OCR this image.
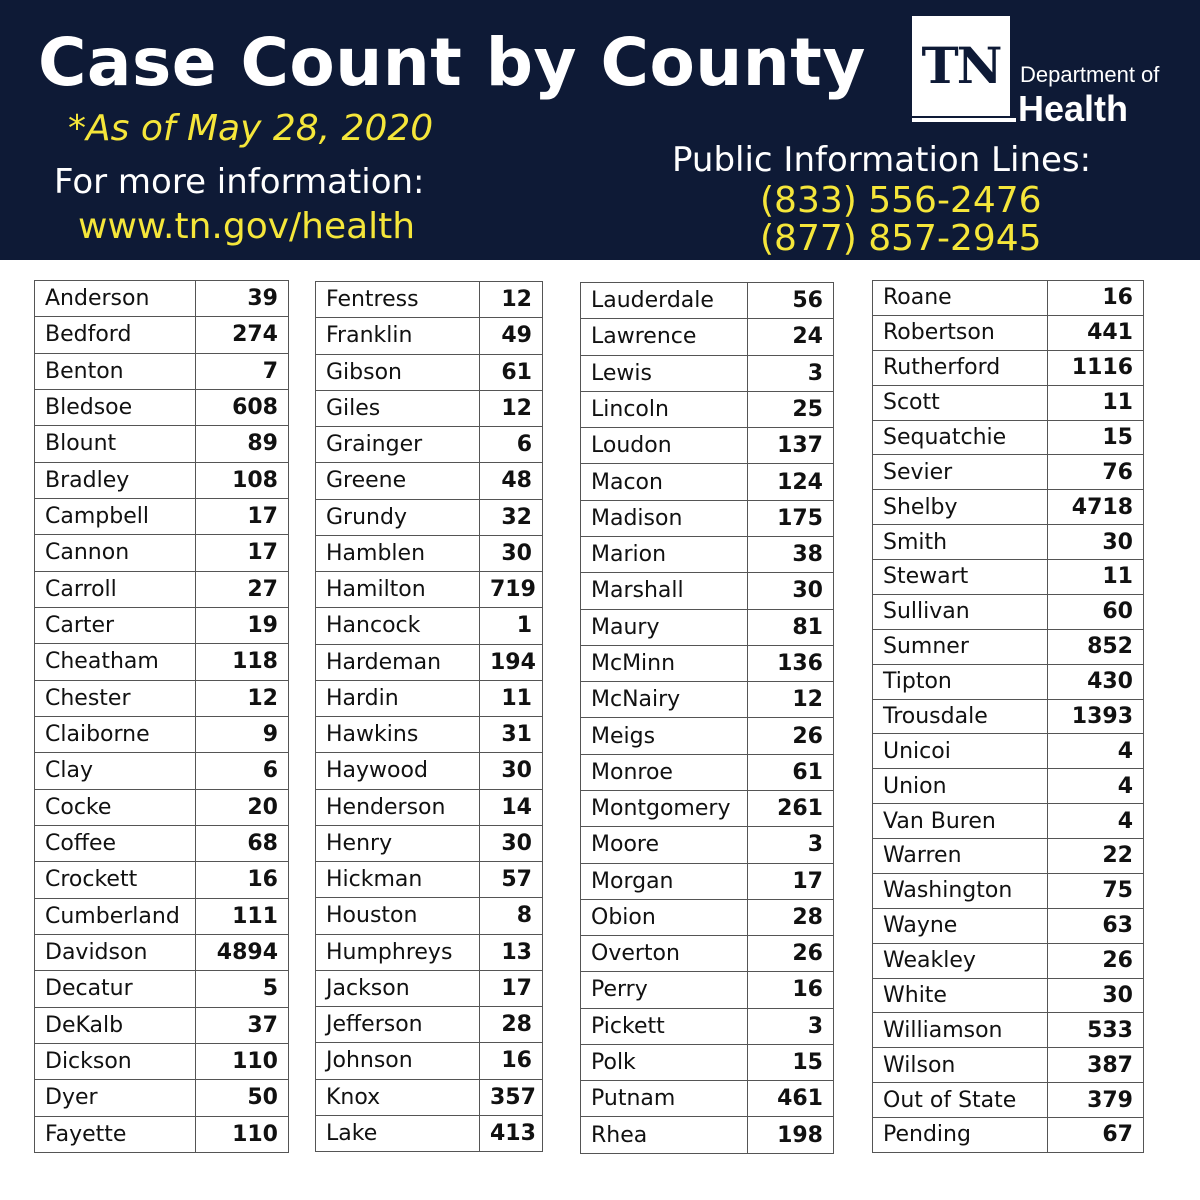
Case Count by County
*As of May 28, 2020
For more information:
www.tn.gov/health
TN Department of
Health
Public Information Lines:
(833) 556-2476
(877) 857-2945
Anderson	39
Bedford	274
Benton	7
Bledsoe	608
Blount	89
Bradley	108
Campbell	17
Cannon	17
Carroll	27
Carter	19
Cheatham	118
Chester	12
Claiborne	9
Clay	6
Cocke	20
Coffee	68
Crockett	16
Cumberland	111
Davidson	4894
Decatur	5
DeKalb	37
Dickson	110
Dyer	50
Fayette	110
Fentress	12
Franklin	49
Gibson	61
Giles	12
Grainger	6
Greene	48
Grundy	32
Hamblen	30
Hamilton	719
Hancock	1
Hardeman	194
Hardin	11
Hawkins	31
Haywood	30
Henderson	14
Henry	30
Hickman	57
Houston	8
Humphreys	13
Jackson	17
Jefferson	28
Johnson	16
Knox	357
Lake	413
Lauderdale	56
Lawrence	24
Lewis	3
Lincoln	25
Loudon	137
Macon	124
Madison	175
Marion	38
Marshall	30
Maury	81
McMinn	136
McNairy	12
Meigs	26
Monroe	61
Montgomery	261
Moore	3
Morgan	17
Obion	28
Overton	26
Perry	16
Pickett	3
Polk	15
Putnam	461
Rhea	198
Roane	16
Robertson	441
Rutherford	1116
Scott	11
Sequatchie	15
Sevier	76
Shelby	4718
Smith	30
Stewart	11
Sullivan	60
Sumner	852
Tipton	430
Trousdale	1393
Unicoi	4
Union	4
Van Buren	4
Warren	22
Washington	75
Wayne	63
Weakley	26
White	30
Williamson	533
Wilson	387
Out of State	379
Pending	67
